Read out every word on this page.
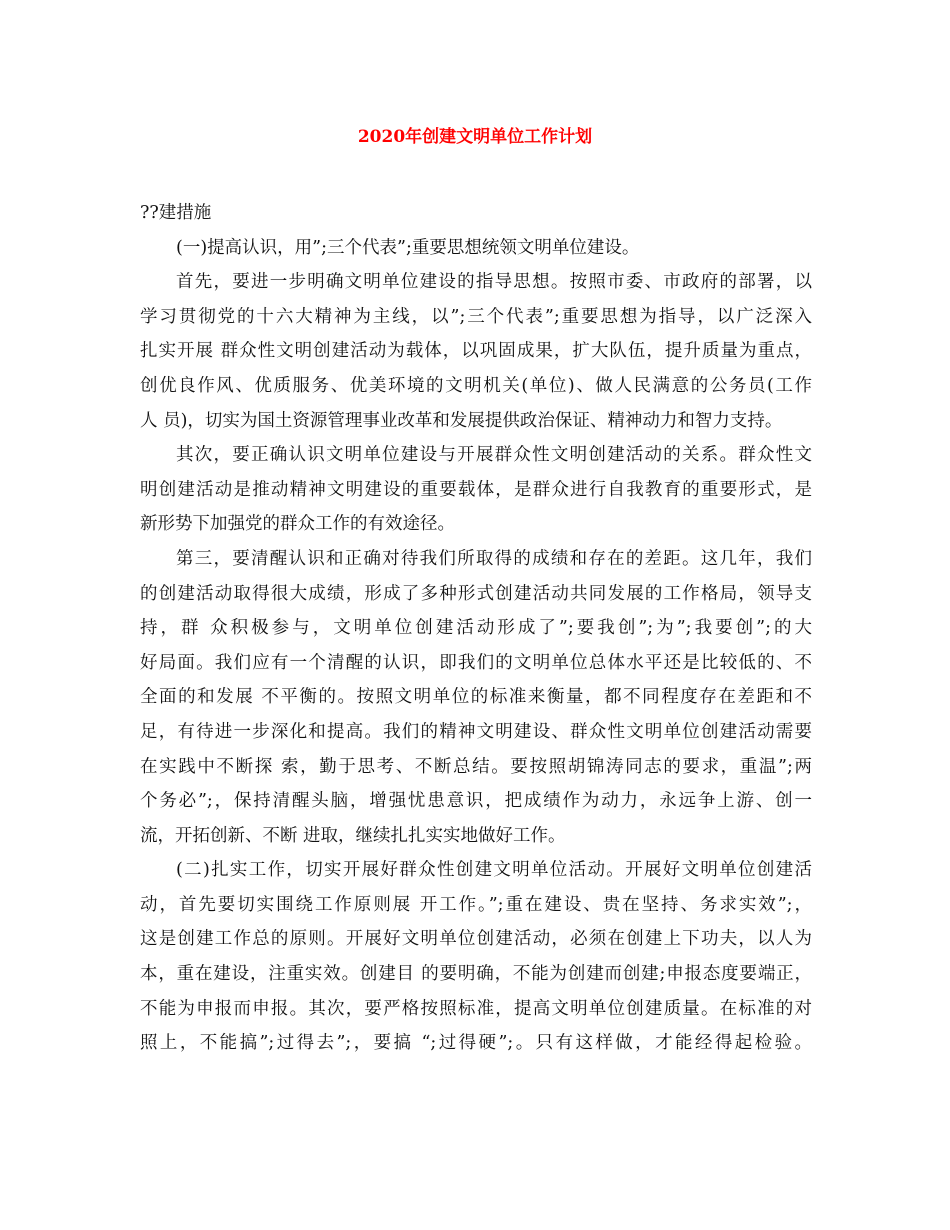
2020年创建文明单位工作计划
??建措施
(一)提高认识，用”;三个代表”;重要思想统领文明单位建设。
首先，要进一步明确文明单位建设的指导思想。按照市委、市政府的部署，以
学习贯彻党的十六大精神为主线，以”;三个代表”;重要思想为指导，以广泛深入
扎实开展 群众性文明创建活动为载体，以巩固成果，扩大队伍，提升质量为重点，
创优良作风、优质服务、优美环境的文明机关(单位)、做人民满意的公务员(工作
人 员)，切实为国土资源管理事业改革和发展提供政治保证、精神动力和智力支持。
其次，要正确认识文明单位建设与开展群众性文明创建活动的关系。群众性文
明创建活动是推动精神文明建设的重要载体，是群众进行自我教育的重要形式，是
新形势下加强党的群众工作的有效途径。
第三，要清醒认识和正确对待我们所取得的成绩和存在的差距。这几年，我们
的创建活动取得很大成绩，形成了多种形式创建活动共同发展的工作格局，领导支
持，群 众积极参与，文明单位创建活动形成了”;要我创”;为”;我要创”;的大
好局面。我们应有一个清醒的认识，即我们的文明单位总体水平还是比较低的、不
全面的和发展 不平衡的。按照文明单位的标准来衡量，都不同程度存在差距和不
足，有待进一步深化和提高。我们的精神文明建设、群众性文明单位创建活动需要
在实践中不断探 索，勤于思考、不断总结。要按照胡锦涛同志的要求，重温”;两
个务必”;，保持清醒头脑，增强忧患意识，把成绩作为动力，永远争上游、创一
流，开拓创新、不断 进取，继续扎扎实实地做好工作。
(二)扎实工作，切实开展好群众性创建文明单位活动。开展好文明单位创建活
动，首先要切实围绕工作原则展 开工作。”;重在建设、贵在坚持、务求实效”;，
这是创建工作总的原则。开展好文明单位创建活动，必须在创建上下功夫，以人为
本，重在建设，注重实效。创建目 的要明确，不能为创建而创建;申报态度要端正，
不能为申报而申报。其次，要严格按照标准，提高文明单位创建质量。在标准的对
照上，不能搞”;过得去”;，要搞 “;过得硬”;。只有这样做，才能经得起检验。
